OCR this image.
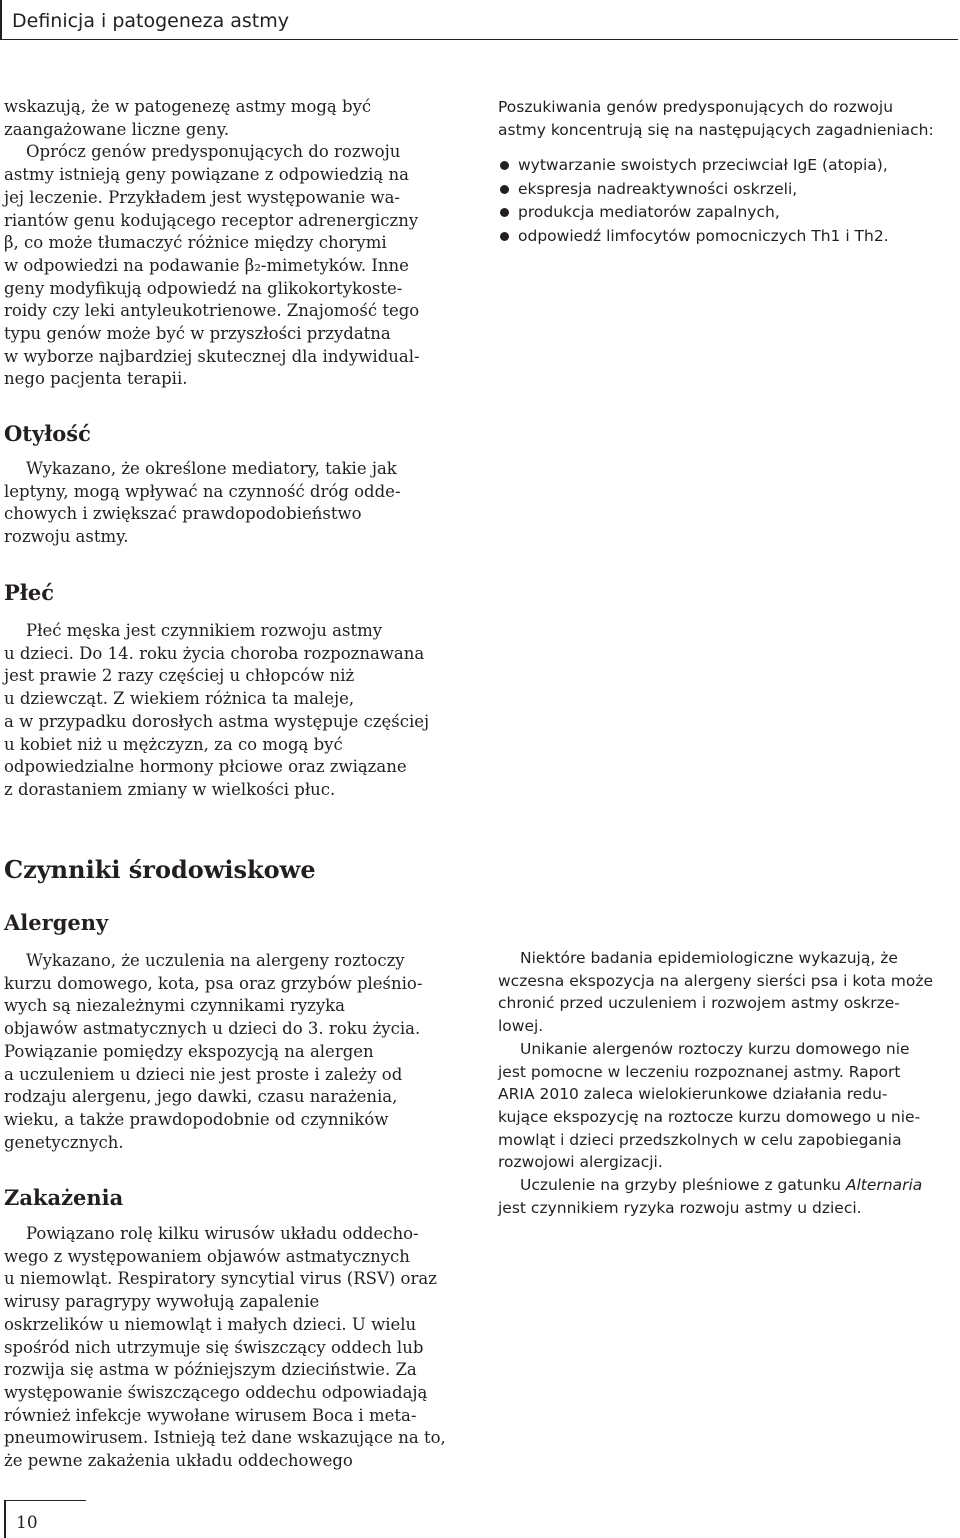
Definicja i patogeneza astmy
wskazują, że w patogenezę astmy mogą być
zaangażowane liczne geny.
Oprócz genów predysponujących do rozwoju
astmy istnieją geny powiązane z odpowiedzią na
jej leczenie. Przykładem jest występowanie wa-
riantów genu kodującego receptor adrenergiczny
β, co może tłumaczyć różnice między chorymi
w odpowiedzi na podawanie β₂-mimetyków. Inne
geny modyfikują odpowiedź na glikokortykoste-
roidy czy leki antyleukotrienowe. Znajomość tego
typu genów może być w przyszłości przydatna
w wyborze najbardziej skutecznej dla indywidual-
nego pacjenta terapii.
Poszukiwania genów predysponujących do rozwoju
astmy koncentrują się na następujących zagadnieniach:
wytwarzanie swoistych przeciwciał IgE (atopia),
ekspresja nadreaktywności oskrzeli,
produkcja mediatorów zapalnych,
odpowiedź limfocytów pomocniczych Th1 i Th2.
Otyłość
Wykazano, że określone mediatory, takie jak
leptyny, mogą wpływać na czynność dróg odde-
chowych i zwiększać prawdopodobieństwo
rozwoju astmy.
Płeć
Płeć męska jest czynnikiem rozwoju astmy
u dzieci. Do 14. roku życia choroba rozpoznawana
jest prawie 2 razy częściej u chłopców niż
u dziewcząt. Z wiekiem różnica ta maleje,
a w przypadku dorosłych astma występuje częściej
u kobiet niż u mężczyzn, za co mogą być
odpowiedzialne hormony płciowe oraz związane
z dorastaniem zmiany w wielkości płuc.
Czynniki środowiskowe
Alergeny
Wykazano, że uczulenia na alergeny roztoczy
kurzu domowego, kota, psa oraz grzybów pleśnio-
wych są niezależnymi czynnikami ryzyka
objawów astmatycznych u dzieci do 3. roku życia.
Powiązanie pomiędzy ekspozycją na alergen
a uczuleniem u dzieci nie jest proste i zależy od
rodzaju alergenu, jego dawki, czasu narażenia,
wieku, a także prawdopodobnie od czynników
genetycznych.
Zakażenia
Powiązano rolę kilku wirusów układu oddecho-
wego z występowaniem objawów astmatycznych
u niemowląt. Respiratory syncytial virus (RSV) oraz
wirusy paragrypy wywołują zapalenie
oskrzelików u niemowląt i małych dzieci. U wielu
spośród nich utrzymuje się świszczący oddech lub
rozwija się astma w późniejszym dzieciństwie. Za
występowanie świszczącego oddechu odpowiadają
również infekcje wywołane wirusem Boca i meta-
pneumowirusem. Istnieją też dane wskazujące na to,
że pewne zakażenia układu oddechowego
Niektóre badania epidemiologiczne wykazują, że
wczesna ekspozycja na alergeny sierści psa i kota może
chronić przed uczuleniem i rozwojem astmy oskrze-
lowej.
Unikanie alergenów roztoczy kurzu domowego nie
jest pomocne w leczeniu rozpoznanej astmy. Raport
ARIA 2010 zaleca wielokierunkowe działania redu-
kujące ekspozycję na roztocze kurzu domowego u nie-
mowląt i dzieci przedszkolnych w celu zapobiegania
rozwojowi alergizacji.
Uczulenie na grzyby pleśniowe z gatunku Alternaria
jest czynnikiem ryzyka rozwoju astmy u dzieci.
10
